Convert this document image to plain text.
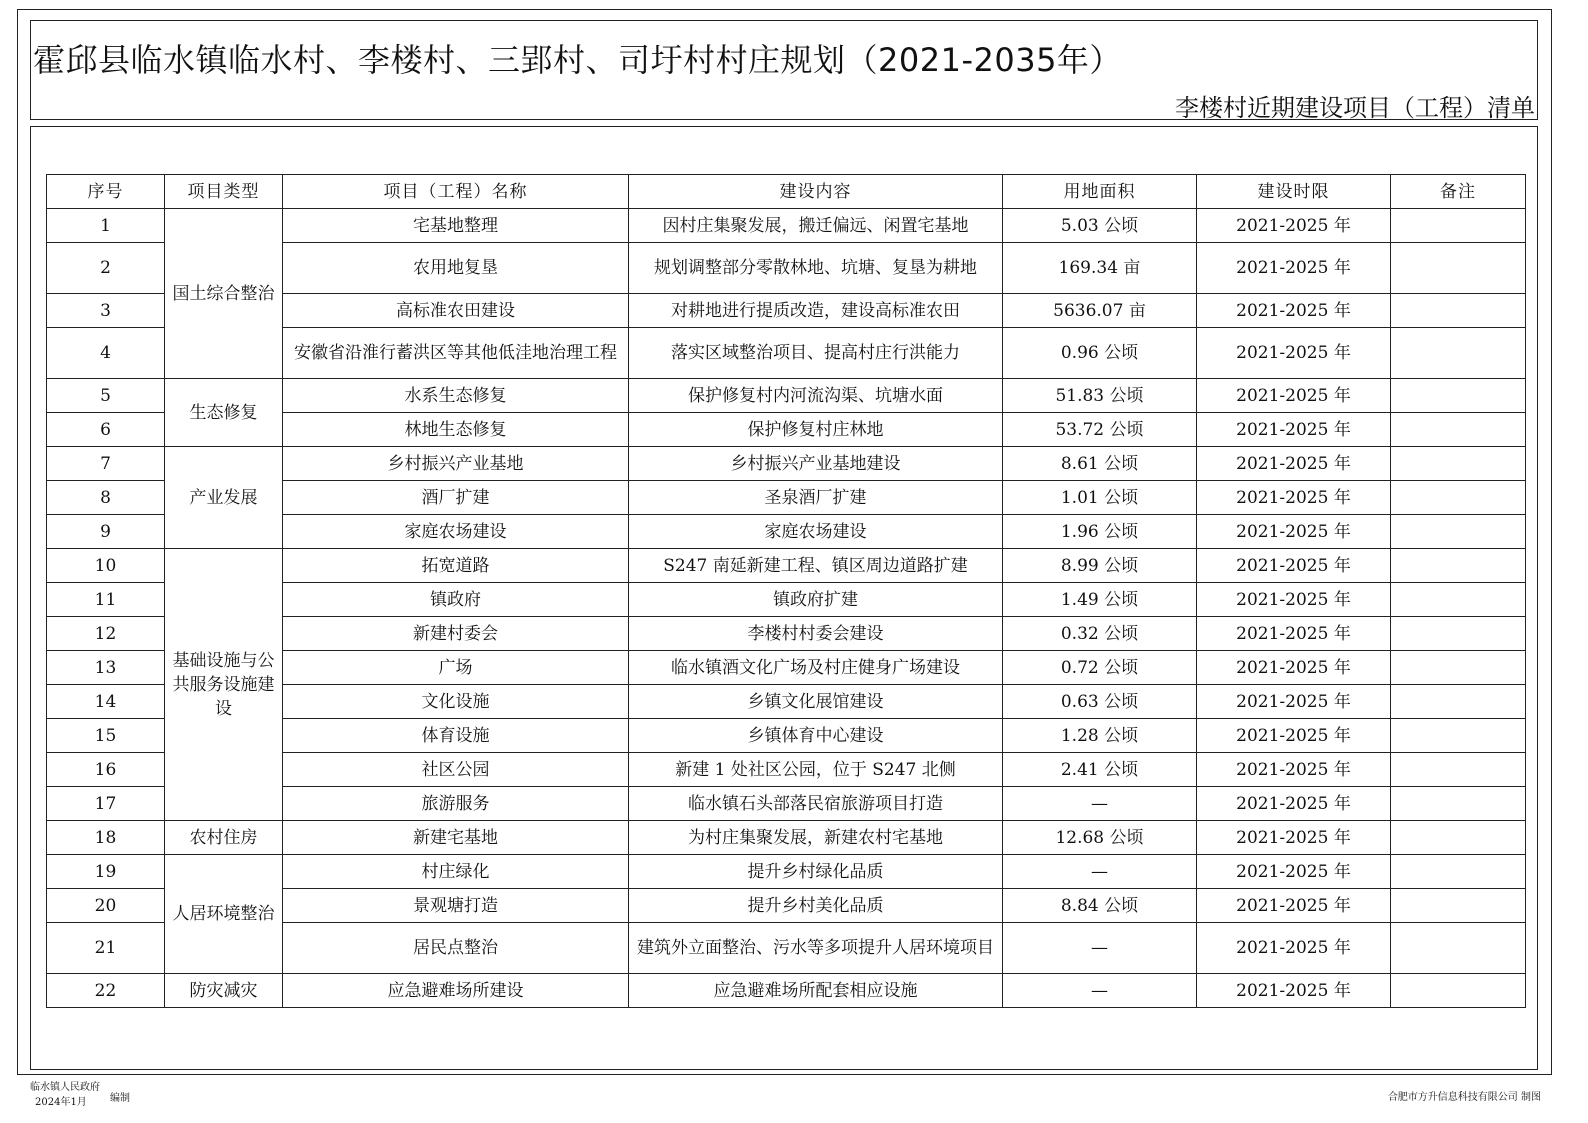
霍邱县临水镇临水村、李楼村、三郢村、司圩村村庄规划（2021-2035年）
李楼村近期建设项目（工程）清单
序号	项目类型	项目（工程）名称	建设内容	用地面积	建设时限	备注
1	国土综合整治	宅基地整理	因村庄集聚发展，搬迁偏远、闲置宅基地	5.03 公顷	2021-2025 年	
2		农用地复垦	规划调整部分零散林地、坑塘、复垦为耕地	169.34 亩	2021-2025 年	
3		高标准农田建设	对耕地进行提质改造，建设高标准农田	5636.07 亩	2021-2025 年	
4		安徽省沿淮行蓄洪区等其他低洼地治理工程	落实区域整治项目、提高村庄行洪能力	0.96 公顷	2021-2025 年	
5	生态修复	水系生态修复	保护修复村内河流沟渠、坑塘水面	51.83 公顷	2021-2025 年	
6		林地生态修复	保护修复村庄林地	53.72 公顷	2021-2025 年	
7	产业发展	乡村振兴产业基地	乡村振兴产业基地建设	8.61 公顷	2021-2025 年	
8		酒厂扩建	圣泉酒厂扩建	1.01 公顷	2021-2025 年	
9		家庭农场建设	家庭农场建设	1.96 公顷	2021-2025 年	
10	基础设施与公共服务设施建设	拓宽道路	S247 南延新建工程、镇区周边道路扩建	8.99 公顷	2021-2025 年	
11		镇政府	镇政府扩建	1.49 公顷	2021-2025 年	
12		新建村委会	李楼村村委会建设	0.32 公顷	2021-2025 年	
13		广场	临水镇酒文化广场及村庄健身广场建设	0.72 公顷	2021-2025 年	
14		文化设施	乡镇文化展馆建设	0.63 公顷	2021-2025 年	
15		体育设施	乡镇体育中心建设	1.28 公顷	2021-2025 年	
16		社区公园	新建 1 处社区公园，位于 S247 北侧	2.41 公顷	2021-2025 年	
17		旅游服务	临水镇石头部落民宿旅游项目打造	—	2021-2025 年	
18	农村住房	新建宅基地	为村庄集聚发展，新建农村宅基地	12.68 公顷	2021-2025 年	
19	人居环境整治	村庄绿化	提升乡村绿化品质	—	2021-2025 年	
20		景观塘打造	提升乡村美化品质	8.84 公顷	2021-2025 年	
21		居民点整治	建筑外立面整治、污水等多项提升人居环境项目	—	2021-2025 年	
22	防灾减灾	应急避难场所建设	应急避难场所配套相应设施	—	2021-2025 年	
临水镇人民政府
2024年1月	编制	合肥市方升信息科技有限公司 制图
